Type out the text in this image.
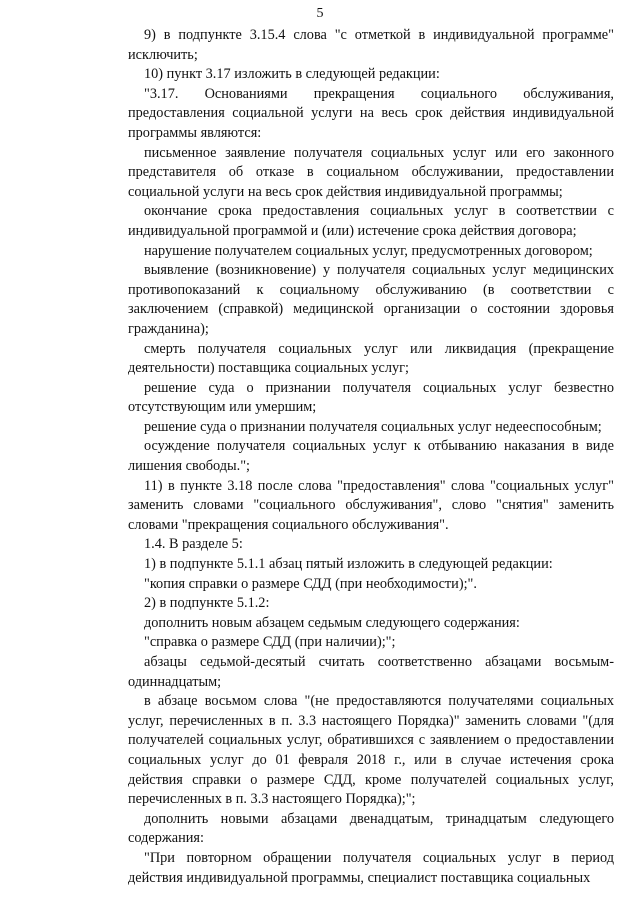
5

9) в подпункте 3.15.4 слова "с отметкой в индивидуальной программе" исключить;

10) пункт 3.17 изложить в следующей редакции:

"3.17. Основаниями прекращения социального обслуживания, предоставления социальной услуги на весь срок действия индивидуальной программы являются:

письменное заявление получателя социальных услуг или его законного представителя об отказе в социальном обслуживании, предоставлении социальной услуги на весь срок действия индивидуальной программы;

окончание срока предоставления социальных услуг в соответствии с индивидуальной программой и (или) истечение срока действия договора;

нарушение получателем социальных услуг, предусмотренных договором;

выявление (возникновение) у получателя социальных услуг медицинских противопоказаний к социальному обслуживанию (в соответствии с заключением (справкой) медицинской организации о состоянии здоровья гражданина);

смерть получателя социальных услуг или ликвидация (прекращение деятельности) поставщика социальных услуг;

решение суда о признании получателя социальных услуг безвестно отсутствующим или умершим;

решение суда о признании получателя социальных услуг недееспособным;

осуждение получателя социальных услуг к отбыванию наказания в виде лишения свободы.";

11) в пункте 3.18 после слова "предоставления" слова "социальных услуг" заменить словами "социального обслуживания", слово "снятия" заменить словами "прекращения социального обслуживания".

1.4. В разделе 5:

1) в подпункте 5.1.1 абзац пятый изложить в следующей редакции:

"копия справки о размере СДД (при необходимости);".

2) в подпункте 5.1.2:

дополнить новым абзацем седьмым следующего содержания:

"справка о размере СДД (при наличии);";

абзацы седьмой-десятый считать соответственно абзацами восьмым-одиннадцатым;

в абзаце восьмом слова "(не предоставляются получателями социальных услуг, перечисленных в п. 3.3 настоящего Порядка)" заменить словами "(для получателей социальных услуг, обратившихся с заявлением о предоставлении социальных услуг до 01 февраля 2018 г., или в случае истечения срока действия справки о размере СДД, кроме получателей социальных услуг, перечисленных в п. 3.3 настоящего Порядка);";

дополнить новыми абзацами двенадцатым, тринадцатым следующего содержания:

"При повторном обращении получателя социальных услуг в период действия индивидуальной программы, специалист поставщика социальных
